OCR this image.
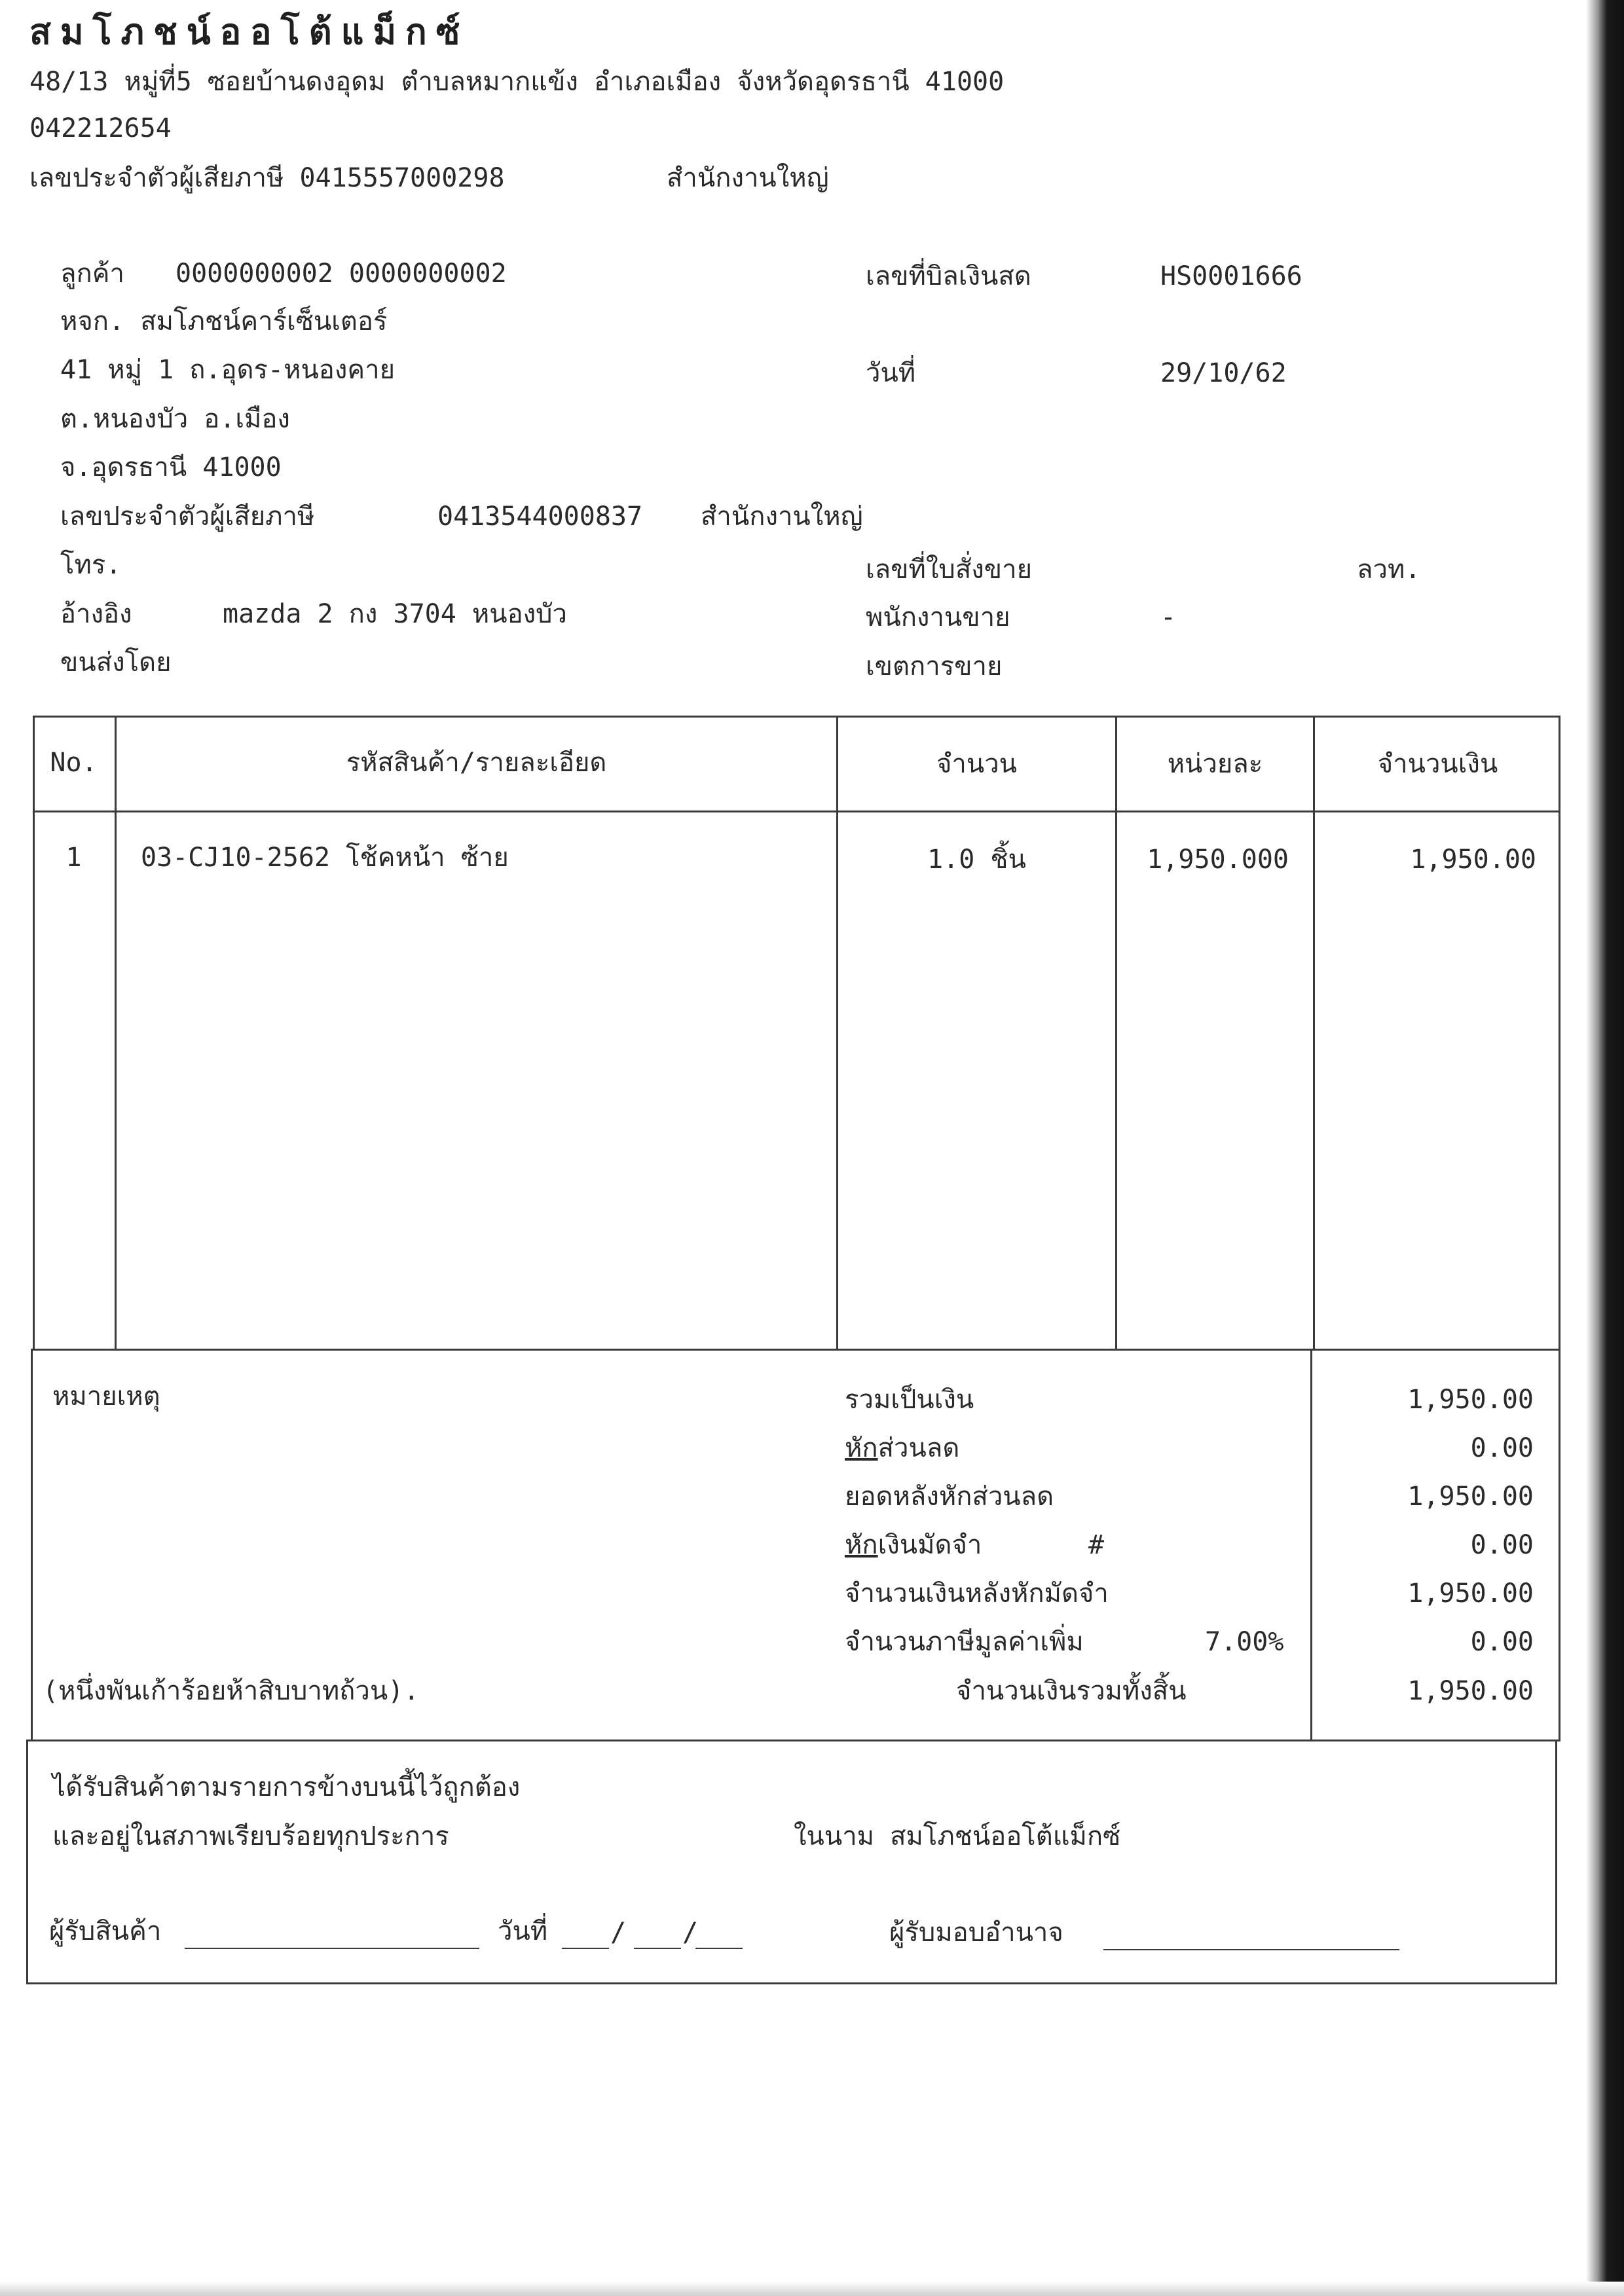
สมโภชน์ออโต้แม็กซ์
48/13 หมู่ที่5 ซอยบ้านดงอุดม ตำบลหมากแข้ง อำเภอเมือง จังหวัดอุดรธานี 41000
042212654
เลขประจำตัวผู้เสียภาษี 0415557000298	สำนักงานใหญ่
ลูกค้า 0000000002 0000000002
หจก. สมโภชน์คาร์เซ็นเตอร์
41 หมู่ 1 ถ.อุดร-หนองคาย
ต.หนองบัว อ.เมือง
จ.อุดรธานี 41000
เลขประจำตัวผู้เสียภาษี	0413544000837 สำนักงานใหญ่
โทร.
อ้างอิง	mazda 2 กง 3704 หนองบัว
ขนส่งโดย
เลขที่บิลเงินสด	HS0001666
วันที่	29/10/62
เลขที่ใบสั่งขาย	ลวท.
พนักงานขาย	-
เขตการขาย
No.	รหัสสินค้า/รายละเอียด	จำนวน	หน่วยละ	จำนวนเงิน
1	03-CJ10-2562 โช้คหน้า ซ้าย	1.0 ชิ้น	1,950.000	1,950.00
หมายเหตุ
(หนึ่งพันเก้าร้อยห้าสิบบาทถ้วน).
รวมเป็นเงิน	1,950.00
หักส่วนลด	0.00
ยอดหลังหักส่วนลด	1,950.00
หักเงินมัดจำ	#	0.00
จำนวนเงินหลังหักมัดจำ	1,950.00
จำนวนภาษีมูลค่าเพิ่ม	7.00%	0.00
จำนวนเงินรวมทั้งสิ้น	1,950.00
ได้รับสินค้าตามรายการข้างบนนี้ไว้ถูกต้อง
และอยู่ในสภาพเรียบร้อยทุกประการ	ในนาม สมโภชน์ออโต้แม็กซ์
ผู้รับสินค้า	วันที่ / /	ผู้รับมอบอำนาจ
